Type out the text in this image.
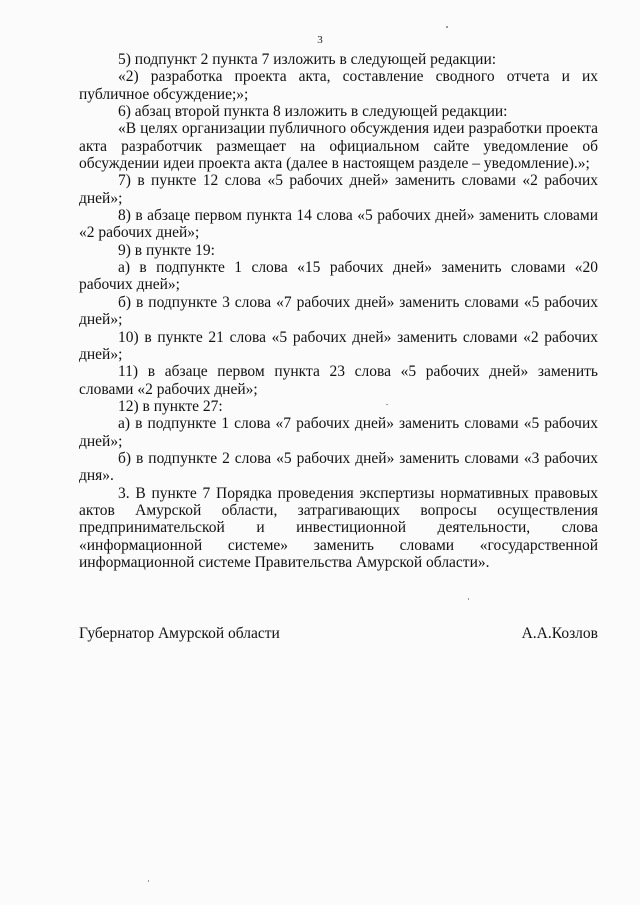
3

5) подпункт 2 пункта 7 изложить в следующей редакции:

«2) разработка проекта акта, составление сводного отчета и их публичное обсуждение;»;

6) абзац второй пункта 8 изложить в следующей редакции:

«В целях организации публичного обсуждения идеи разработки проекта акта разработчик размещает на официальном сайте уведомление об обсуждении идеи проекта акта (далее в настоящем разделе – уведомление).»;

7) в пункте 12 слова «5 рабочих дней» заменить словами «2 рабочих дней»;

8) в абзаце первом пункта 14 слова «5 рабочих дней» заменить словами «2 рабочих дней»;

9) в пункте 19:

а) в подпункте 1 слова «15 рабочих дней» заменить словами «20 рабочих дней»;

б) в подпункте 3 слова «7 рабочих дней» заменить словами «5 рабочих дней»;

10) в пункте 21 слова «5 рабочих дней» заменить словами «2 рабочих дней»;

11) в абзаце первом пункта 23 слова «5 рабочих дней» заменить словами «2 рабочих дней»;

12) в пункте 27:

а) в подпункте 1 слова «7 рабочих дней» заменить словами «5 рабочих дней»;

б) в подпункте 2 слова «5 рабочих дней» заменить словами «3 рабочих дня».

3. В пункте 7 Порядка проведения экспертизы нормативных правовых актов Амурской области, затрагивающих вопросы осуществления предпринимательской и инвестиционной деятельности, слова «информационной системе» заменить словами «государственной информационной системе Правительства Амурской области».

Губернатор Амурской области	А.А.Козлов
